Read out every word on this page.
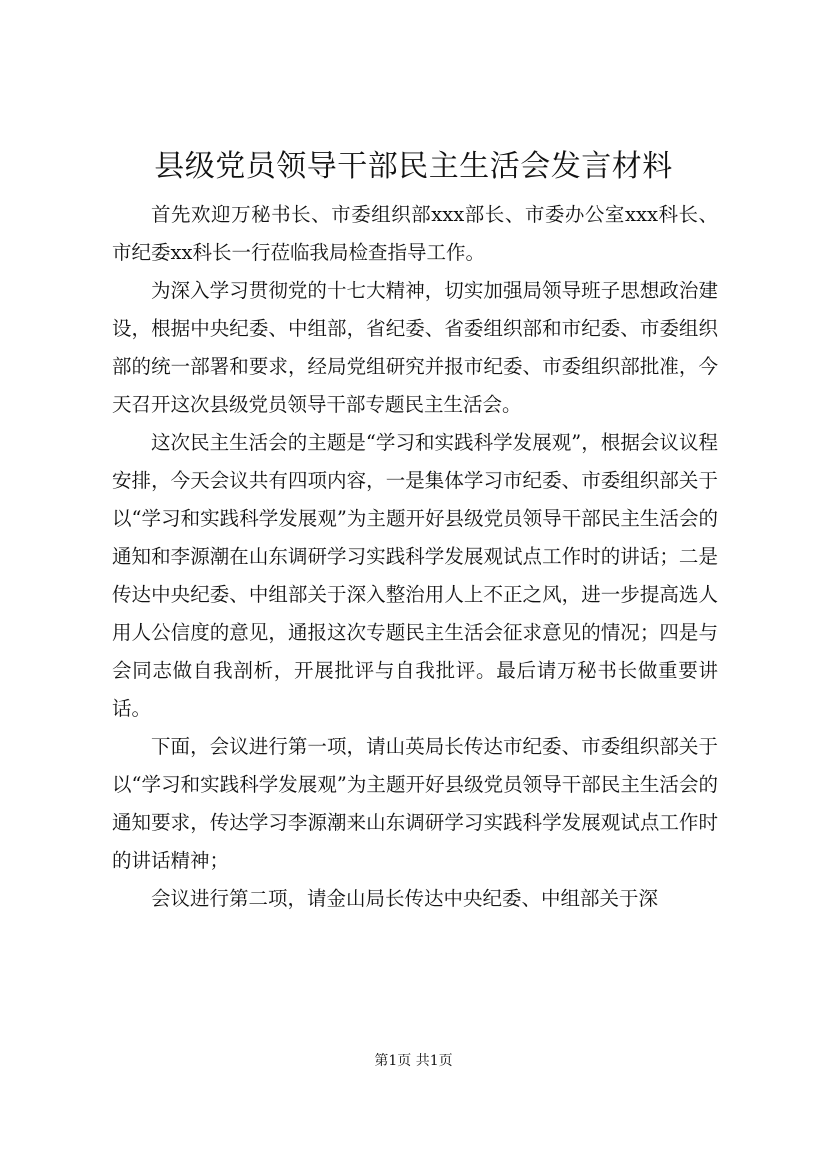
县级党员领导干部民主生活会发言材料

首先欢迎万秘书长、市委组织部xxx部长、市委办公室xxx科长、市纪委xx科长一行莅临我局检查指导工作。

为深入学习贯彻党的十七大精神，切实加强局领导班子思想政治建设，根据中央纪委、中组部，省纪委、省委组织部和市纪委、市委组织部的统一部署和要求，经局党组研究并报市纪委、市委组织部批准，今天召开这次县级党员领导干部专题民主生活会。

这次民主生活会的主题是“学习和实践科学发展观”，根据会议议程安排，今天会议共有四项内容，一是集体学习市纪委、市委组织部关于以“学习和实践科学发展观”为主题开好县级党员领导干部民主生活会的通知和李源潮在山东调研学习实践科学发展观试点工作时的讲话；二是传达中央纪委、中组部关于深入整治用人上不正之风，进一步提高选人用人公信度的意见，通报这次专题民主生活会征求意见的情况；四是与会同志做自我剖析，开展批评与自我批评。最后请万秘书长做重要讲话。

下面，会议进行第一项，请山英局长传达市纪委、市委组织部关于以“学习和实践科学发展观”为主题开好县级党员领导干部民主生活会的通知要求，传达学习李源潮来山东调研学习实践科学发展观试点工作时的讲话精神；

会议进行第二项，请金山局长传达中央纪委、中组部关于深

第1页 共1页
